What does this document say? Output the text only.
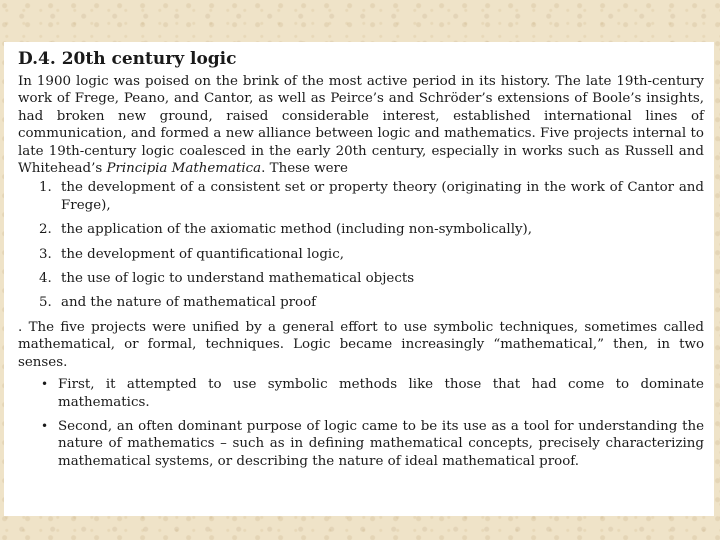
D.4. 20th century logic

In 1900 logic was poised on the brink of the most active period in its history. The late 19th-century work of Frege, Peano, and Cantor, as well as Peirce’s and Schröder’s extensions of Boole’s insights, had broken new ground, raised considerable interest, established international lines of communication, and formed a new alliance between logic and mathematics. Five projects internal to late 19th-century logic coalesced in the early 20th century, especially in works such as Russell and Whitehead’s Principia Mathematica. These were

1. the development of a consistent set or property theory (originating in the work of Cantor and Frege),
2. the application of the axiomatic method (including non-symbolically),
3. the development of quantificational logic,
4. the use of logic to understand mathematical objects
5. and the nature of mathematical proof

. The five projects were unified by a general effort to use symbolic techniques, sometimes called mathematical, or formal, techniques. Logic became increasingly “mathematical,” then, in two senses.

• First, it attempted to use symbolic methods like those that had come to dominate mathematics.
• Second, an often dominant purpose of logic came to be its use as a tool for understanding the nature of mathematics – such as in defining mathematical concepts, precisely characterizing mathematical systems, or describing the nature of ideal mathematical proof.
